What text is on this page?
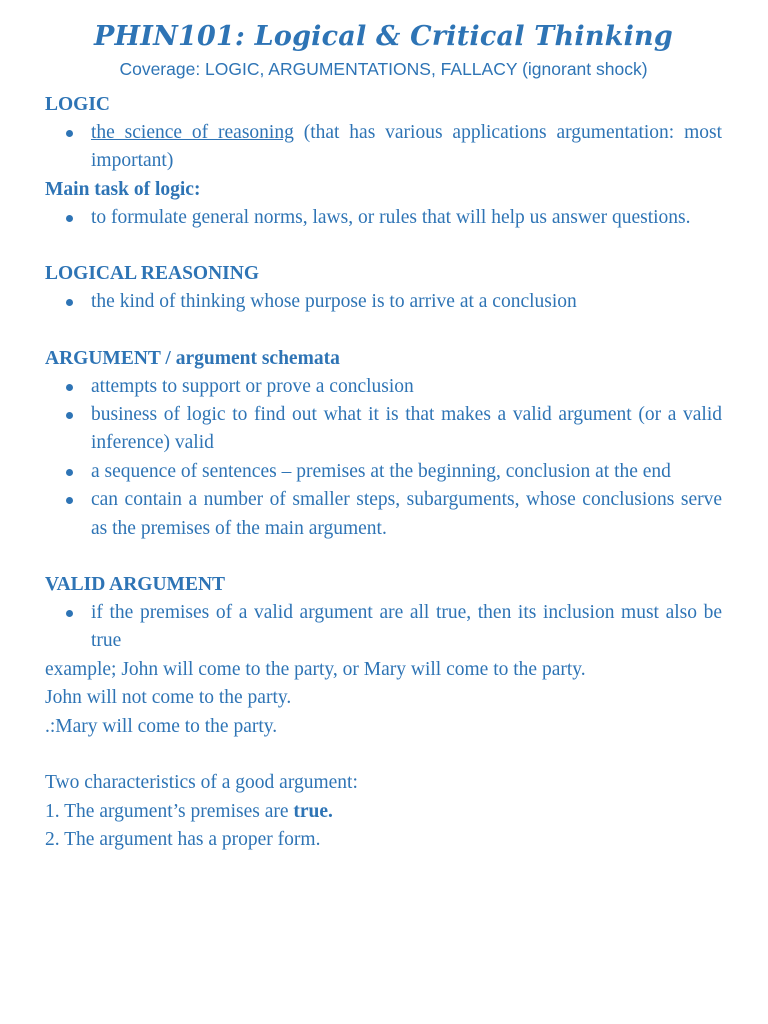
PHIN101: Logical & Critical Thinking

Coverage: LOGIC, ARGUMENTATIONS, FALLACY (ignorant shock)

LOGIC

the science of reasoning (that has various applications argumentation: most important)

Main task of logic:

to formulate general norms, laws, or rules that will help us answer questions.

LOGICAL REASONING

the kind of thinking whose purpose is to arrive at a conclusion

ARGUMENT / argument schemata

attempts to support or prove a conclusion
business of logic to find out what it is that makes a valid argument (or a valid inference) valid
a sequence of sentences – premises at the beginning, conclusion at the end
can contain a number of smaller steps, subarguments, whose conclusions serve as the premises of the main argument.

VALID ARGUMENT

if the premises of a valid argument are all true, then its inclusion must also be true

example; John will come to the party, or Mary will come to the party.

John will not come to the party.

.:Mary will come to the party.

Two characteristics of a good argument:

1. The argument’s premises are true.

2. The argument has a proper form.
